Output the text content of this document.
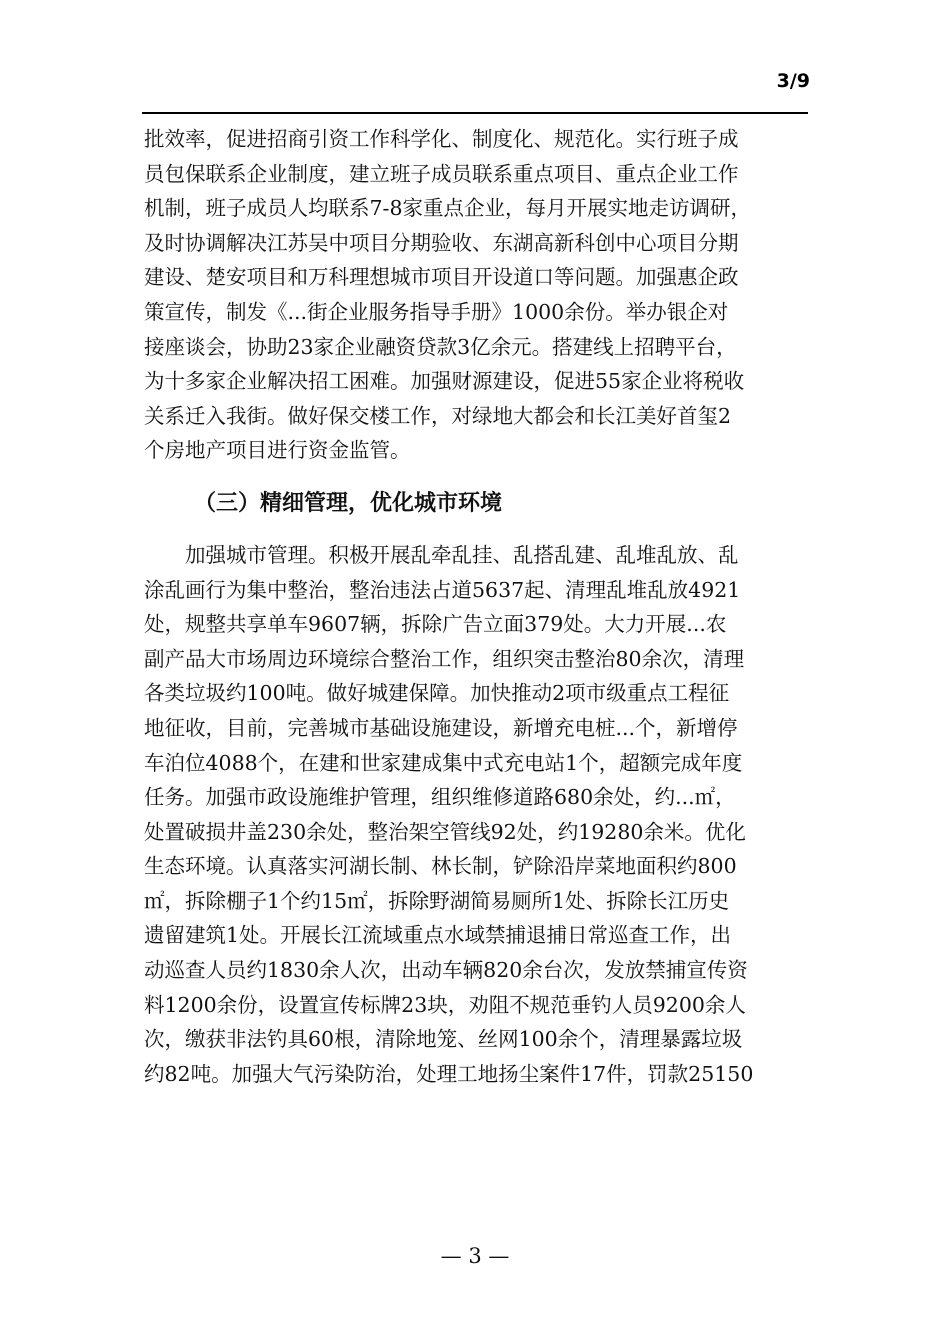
3/9
批效率，促进招商引资工作科学化、制度化、规范化。实行班子成
员包保联系企业制度，建立班子成员联系重点项目、重点企业工作
机制，班子成员人均联系7-8家重点企业，每月开展实地走访调研，
及时协调解决江苏吴中项目分期验收、东湖高新科创中心项目分期
建设、楚安项目和万科理想城市项目开设道口等问题。加强惠企政
策宣传，制发《...街企业服务指导手册》1000余份。举办银企对
接座谈会，协助23家企业融资贷款3亿余元。搭建线上招聘平台，
为十多家企业解决招工困难。加强财源建设，促进55家企业将税收
关系迁入我街。做好保交楼工作，对绿地大都会和长江美好首玺2
个房地产项目进行资金监管。
（三）精细管理，优化城市环境
　　加强城市管理。积极开展乱牵乱挂、乱搭乱建、乱堆乱放、乱
涂乱画行为集中整治，整治违法占道5637起、清理乱堆乱放4921
处，规整共享单车9607辆，拆除广告立面379处。大力开展...农
副产品大市场周边环境综合整治工作，组织突击整治80余次，清理
各类垃圾约100吨。做好城建保障。加快推动2项市级重点工程征
地征收，目前，完善城市基础设施建设，新增充电桩...个，新增停
车泊位4088个，在建和世家建成集中式充电站1个，超额完成年度
任务。加强市政设施维护管理，组织维修道路680余处，约...㎡，
处置破损井盖230余处，整治架空管线92处，约19280余米。优化
生态环境。认真落实河湖长制、林长制，铲除沿岸菜地面积约800
㎡，拆除棚子1个约15㎡，拆除野湖简易厕所1处、拆除长江历史
遗留建筑1处。开展长江流域重点水域禁捕退捕日常巡查工作，出
动巡查人员约1830余人次，出动车辆820余台次，发放禁捕宣传资
料1200余份，设置宣传标牌23块，劝阻不规范垂钓人员9200余人
次，缴获非法钓具60根，清除地笼、丝网100余个，清理暴露垃圾
约82吨。加强大气污染防治，处理工地扬尘案件17件，罚款25150
— 3 —
